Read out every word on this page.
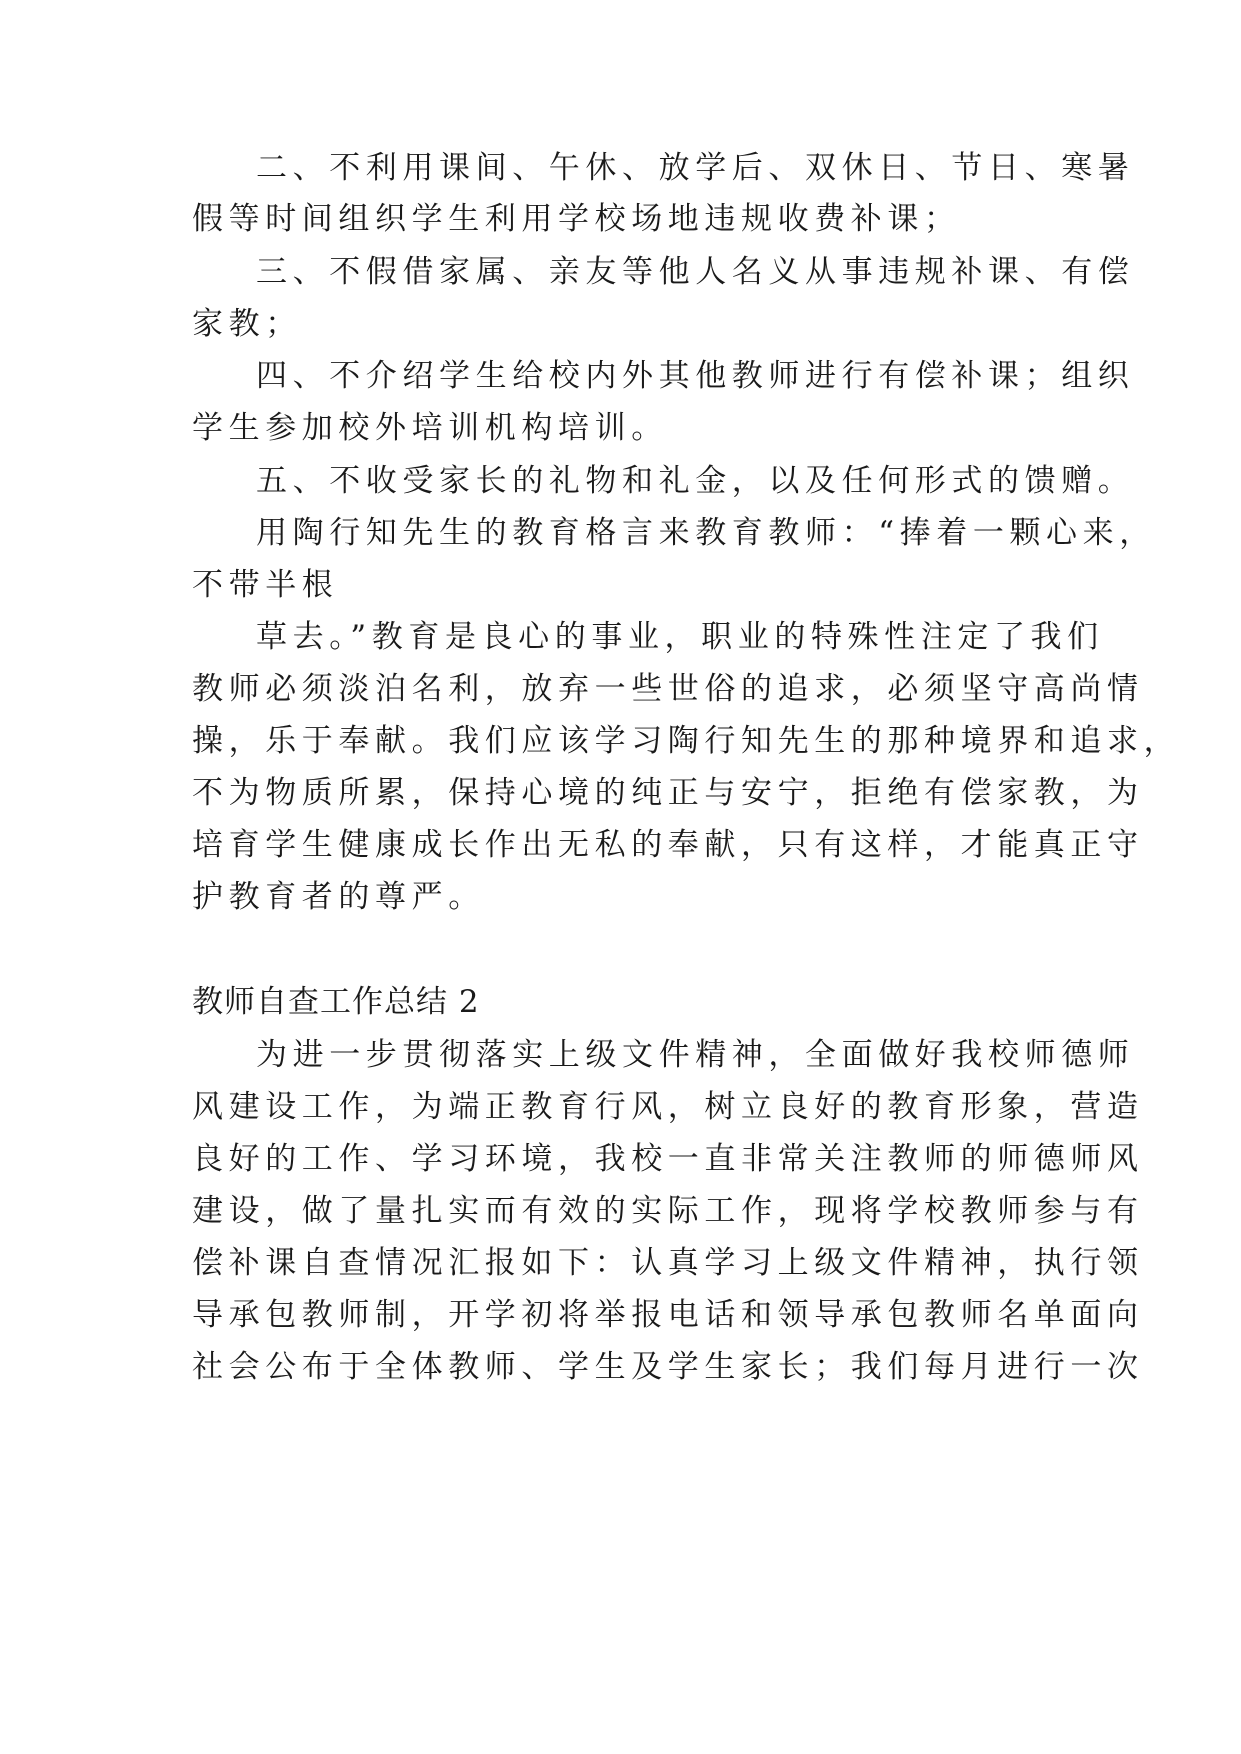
二、不利用课间、午休、放学后、双休日、节日、寒暑
假等时间组织学生利用学校场地违规收费补课；
三、不假借家属、亲友等他人名义从事违规补课、有偿
家教；
四、不介绍学生给校内外其他教师进行有偿补课；组织
学生参加校外培训机构培训。
五、不收受家长的礼物和礼金，以及任何形式的馈赠。
用陶行知先生的教育格言来教育教师：“捧着一颗心来，
不带半根
草去。”教育是良心的事业，职业的特殊性注定了我们
教师必须淡泊名利，放弃一些世俗的追求，必须坚守高尚情
操，乐于奉献。我们应该学习陶行知先生的那种境界和追求，
不为物质所累，保持心境的纯正与安宁，拒绝有偿家教，为
培育学生健康成长作出无私的奉献，只有这样，才能真正守
护教育者的尊严。
教师自查工作总结 2
为进一步贯彻落实上级文件精神，全面做好我校师德师
风建设工作，为端正教育行风，树立良好的教育形象，营造
良好的工作、学习环境，我校一直非常关注教师的师德师风
建设，做了量扎实而有效的实际工作，现将学校教师参与有
偿补课自查情况汇报如下：认真学习上级文件精神，执行领
导承包教师制，开学初将举报电话和领导承包教师名单面向
社会公布于全体教师、学生及学生家长；我们每月进行一次
